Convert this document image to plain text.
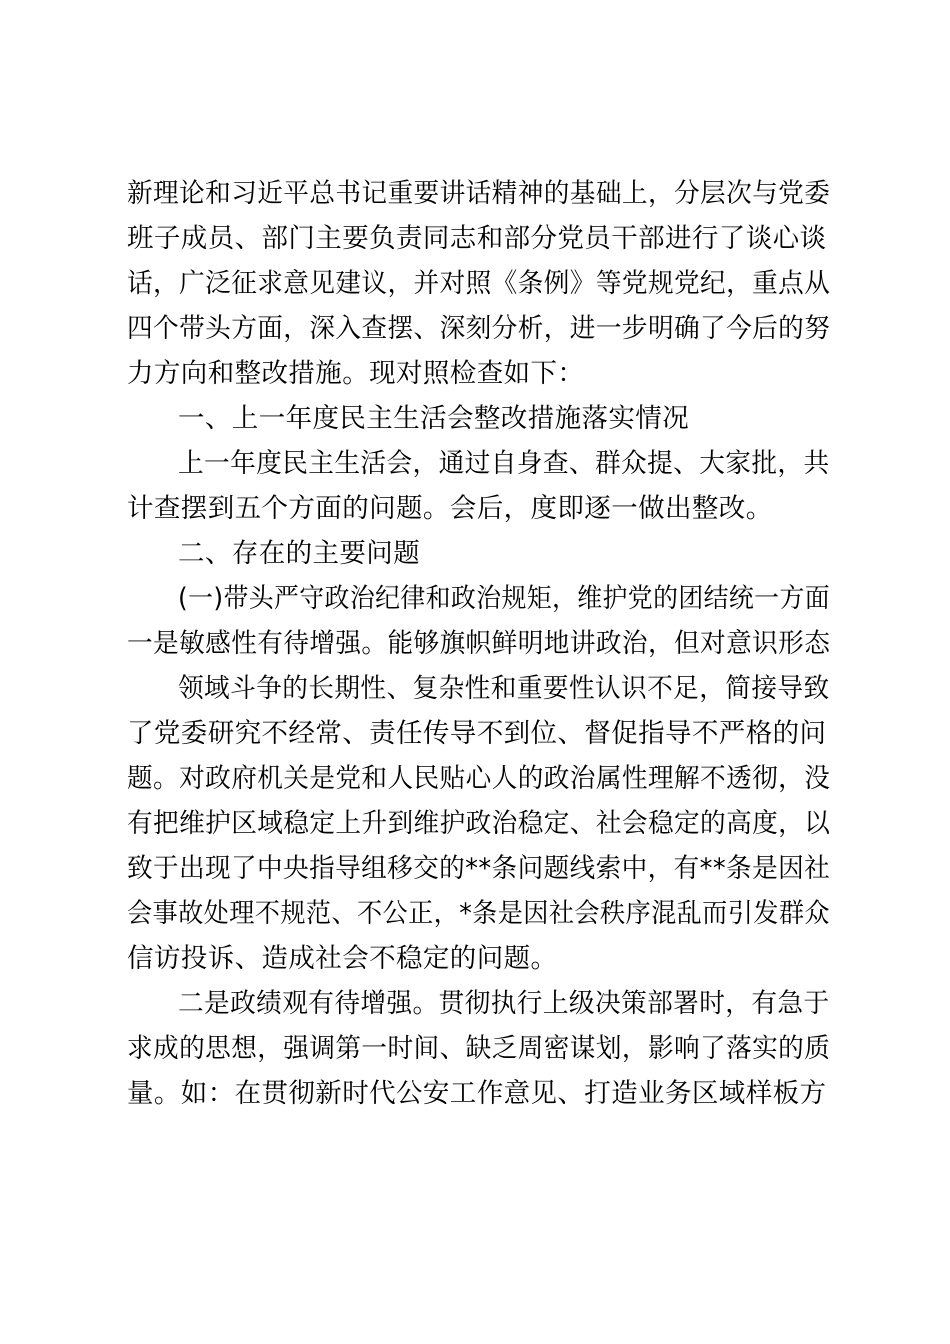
新理论和习近平总书记重要讲话精神的基础上，分层次与党委

班子成员、部门主要负责同志和部分党员干部进行了谈心谈

话，广泛征求意见建议，并对照《条例》等党规党纪，重点从

四个带头方面，深入查摆、深刻分析，进一步明确了今后的努

力方向和整改措施。现对照检查如下：

一、上一年度民主生活会整改措施落实情况

上一年度民主生活会，通过自身查、群众提、大家批，共

计查摆到五个方面的问题。会后，度即逐一做出整改。

二、存在的主要问题

(一)带头严守政治纪律和政治规矩，维护党的团结统一方面

一是敏感性有待增强。能够旗帜鲜明地讲政治，但对意识形态

领域斗争的长期性、复杂性和重要性认识不足，简接导致

了党委研究不经常、责任传导不到位、督促指导不严格的问

题。对政府机关是党和人民贴心人的政治属性理解不透彻，没

有把维护区域稳定上升到维护政治稳定、社会稳定的高度，以

致于出现了中央指导组移交的**条问题线索中，有**条是因社

会事故处理不规范、不公正，*条是因社会秩序混乱而引发群众

信访投诉、造成社会不稳定的问题。

二是政绩观有待增强。贯彻执行上级决策部署时，有急于

求成的思想，强调第一时间、缺乏周密谋划，影响了落实的质

量。如：在贯彻新时代公安工作意见、打造业务区域样板方
